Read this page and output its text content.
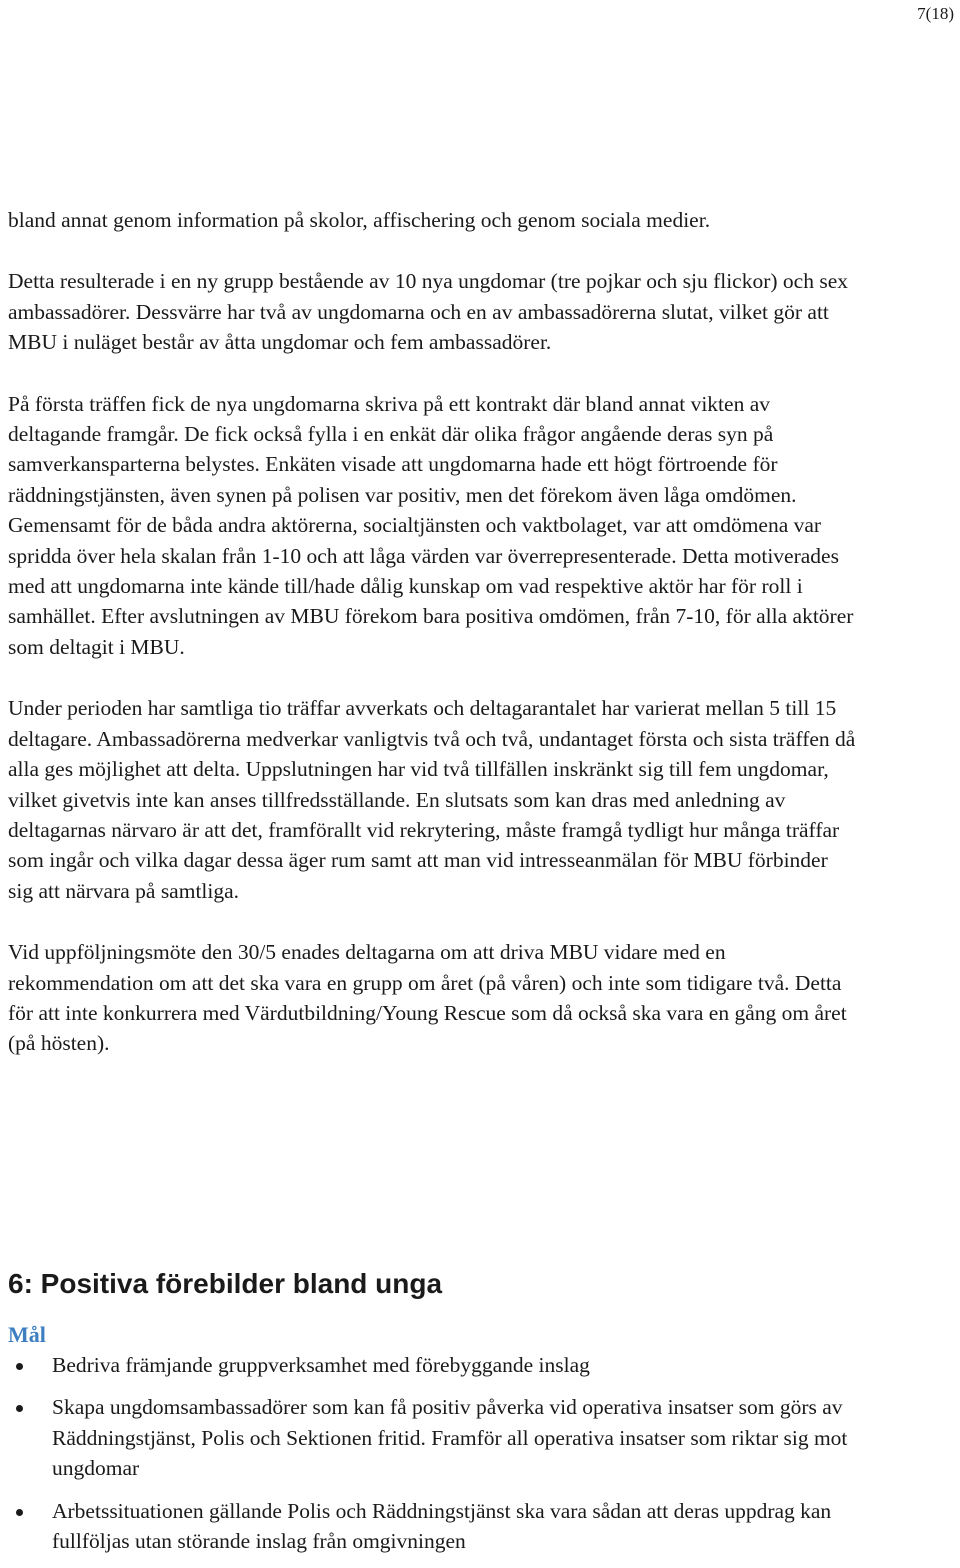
7(18)

bland annat genom information på skolor, affischering och genom sociala medier.

Detta resulterade i en ny grupp bestående av 10 nya ungdomar (tre pojkar och sju flickor) och sex ambassadörer. Dessvärre har två av ungdomarna och en av ambassadörerna slutat, vilket gör att MBU i nuläget består av åtta ungdomar och fem ambassadörer.

På första träffen fick de nya ungdomarna skriva på ett kontrakt där bland annat vikten av deltagande framgår. De fick också fylla i en enkät där olika frågor angående deras syn på samverkansparterna belystes. Enkäten visade att ungdomarna hade ett högt förtroende för räddningstjänsten, även synen på polisen var positiv, men det förekom även låga omdömen. Gemensamt för de båda andra aktörerna, socialtjänsten och vaktbolaget, var att omdömena var spridda över hela skalan från 1-10 och att låga värden var överrepresenterade. Detta motiverades med att ungdomarna inte kände till/hade dålig kunskap om vad respektive aktör har för roll i samhället. Efter avslutningen av MBU förekom bara positiva omdömen, från 7-10, för alla aktörer som deltagit i MBU.

Under perioden har samtliga tio träffar avverkats och deltagarantalet har varierat mellan 5 till 15 deltagare. Ambassadörerna medverkar vanligtvis två och två, undantaget första och sista träffen då alla ges möjlighet att delta. Uppslutningen har vid två tillfällen inskränkt sig till fem ungdomar, vilket givetvis inte kan anses tillfredsställande. En slutsats som kan dras med anledning av deltagarnas närvaro är att det, framförallt vid rekrytering, måste framgå tydligt hur många träffar som ingår och vilka dagar dessa äger rum samt att man vid intresseanmälan för MBU förbinder sig att närvara på samtliga.

Vid uppföljningsmöte den 30/5 enades deltagarna om att driva MBU vidare med en rekommendation om att det ska vara en grupp om året (på våren) och inte som tidigare två. Detta för att inte konkurrera med Värdutbildning/Young Rescue som då också ska vara en gång om året (på hösten).

6: Positiva förebilder bland unga
Mål
Bedriva främjande gruppverksamhet med förebyggande inslag
Skapa ungdomsambassadörer som kan få positiv påverka vid operativa insatser som görs av Räddningstjänst, Polis och Sektionen fritid. Framför all operativa insatser som riktar sig mot ungdomar
Arbetssituationen gällande Polis och Räddningstjänst ska vara sådan att deras uppdrag kan fullföljas utan störande inslag från omgivningen
